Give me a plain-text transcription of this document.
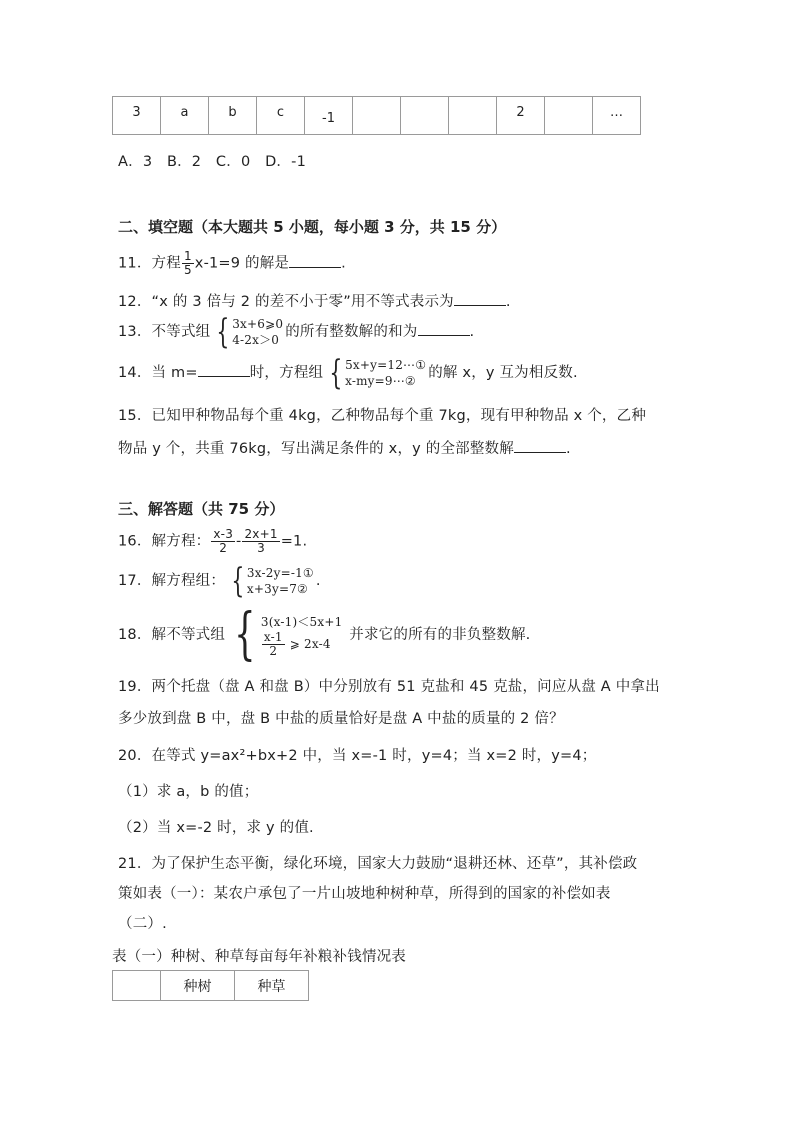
3	a	b	c	-1				2		…
A．3　B．2　C．0　D．-1
二、填空题（本大题共 5 小题，每小题 3 分，共 15 分）
11．方程 $\frac{1}{5} x-1=9$ 的解是	.
12．“x 的 3 倍与 2 的差不小于零”用不等式表示为	.
13．不等式组 { 3x+6⩾0
4-2x＞0 的所有整数解的和为	.
14．当 m=	时，方程组 { 5x+y=12⋯①
x-my=9⋯② 的解 x，y 互为相反数.
15．已知甲种物品每个重 4kg，乙种物品每个重 7kg，现有甲种物品 x 个，乙种
物品 y 个，共重 76kg，写出满足条件的 x，y 的全部整数解	.
三、解答题（共 75 分）
16．解方程： $\frac{x-3}{2} - \frac{2x+1}{3} =1$.
17．解方程组： { 3x-2y=-1①
x+3y=7② .
18．解不等式组 { 3(x-1)＜5x+1
$\frac{x-1}{2}$
⩾ 2x-4
并求它的所有的非负整数解.
19．两个托盘（盘 A 和盘 B）中分别放有 51 克盐和 45 克盐，问应从盘 A 中拿出
多少放到盘 B 中，盘 B 中盐的质量恰好是盘 A 中盐的质量的 2 倍？
20．在等式 y=ax²+bx+2 中，当 x=-1 时，y=4；当 x=2 时，y=4；
（1）求 a，b 的值；
（2）当 x=-2 时，求 y 的值.
21．为了保护生态平衡，绿化环境，国家大力鼓励“退耕还林、还草”，其补偿政
策如表（一）：某农户承包了一片山坡地种树种草，所得到的国家的补偿如表
（二）.
表（一）种树、种草每亩每年补粮补钱情况表
	种树	种草
